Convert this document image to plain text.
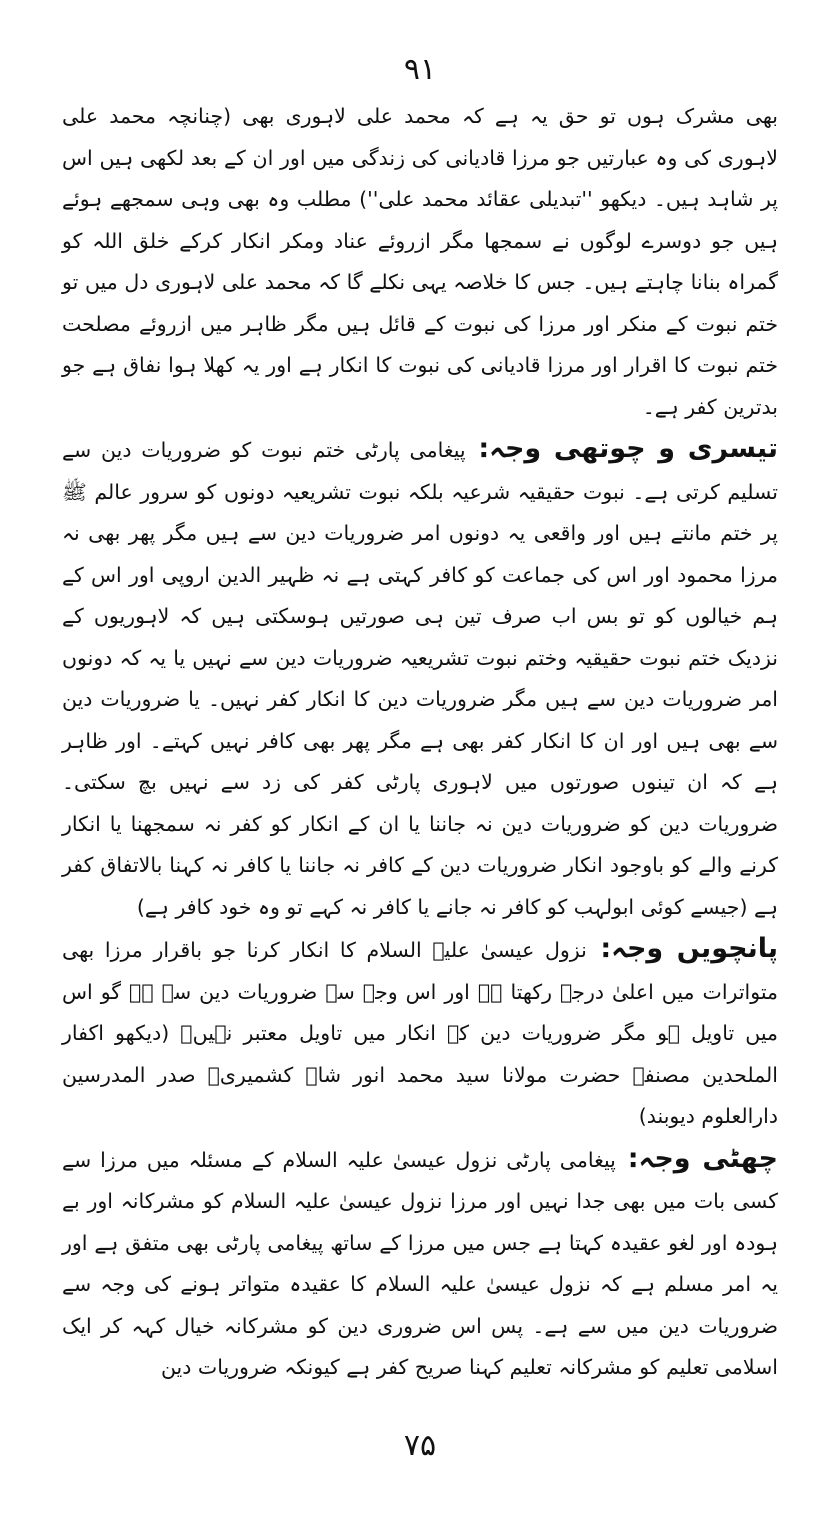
۹۱

بھی مشرک ہوں تو حق یہ ہے کہ محمد علی لاہوری بھی (چنانچہ محمد علی لاہوری کی وہ عبارتیں جو مرزا قادیانی کی زندگی میں اور ان کے بعد لکھی ہیں اس پر شاہد ہیں۔ دیکھو ''تبدیلی عقائد محمد علی'') مطلب وہ بھی وہی سمجھے ہوئے ہیں جو دوسرے لوگوں نے سمجھا مگر ازروئے عناد ومکر انکار کرکے خلق اللہ کو گمراہ بنانا چاہتے ہیں۔ جس کا خلاصہ یہی نکلے گا کہ محمد علی لاہوری دل میں تو ختم نبوت کے منکر اور مرزا کی نبوت کے قائل ہیں مگر ظاہر میں ازروئے مصلحت ختم نبوت کا اقرار اور مرزا قادیانی کی نبوت کا انکار ہے اور یہ کھلا ہوا نفاق ہے جو بدترین کفر ہے۔

تیسری و چوتھی وجہ: پیغامی پارٹی ختم نبوت کو ضروریات دین سے تسلیم کرتی ہے۔ نبوت حقیقیہ شرعیہ بلکہ نبوت تشریعیہ دونوں کو سرور عالم ﷺ پر ختم مانتے ہیں اور واقعی یہ دونوں امر ضروریات دین سے ہیں مگر پھر بھی نہ مرزا محمود اور اس کی جماعت کو کافر کہتی ہے نہ ظہیر الدین اروپی اور اس کے ہم خیالوں کو تو بس اب صرف تین ہی صورتیں ہوسکتی ہیں کہ لاہوریوں کے نزدیک ختم نبوت حقیقیہ وختم نبوت تشریعیہ ضروریات دین سے نہیں یا یہ کہ دونوں امر ضروریات دین سے ہیں مگر ضروریات دین کا انکار کفر نہیں۔ یا ضروریات دین سے بھی ہیں اور ان کا انکار کفر بھی ہے مگر پھر بھی کافر نہیں کہتے۔ اور ظاہر ہے کہ ان تینوں صورتوں میں لاہوری پارٹی کفر کی زد سے نہیں بچ سکتی۔ ضروریات دین کو ضروریات دین نہ جاننا یا ان کے انکار کو کفر نہ سمجھنا یا انکار کرنے والے کو باوجود انکار ضروریات دین کے کافر نہ جاننا یا کافر نہ کہنا بالاتفاق کفر ہے (جیسے کوئی ابولہب کو کافر نہ جانے یا کافر نہ کہے تو وہ خود کافر ہے)

پانچویں وجہ: نزول عیسیٰ علیہ السلام کا انکار کرنا جو باقرار مرزا بھی متواترات میں اعلیٰ درجہ رکھتا ہے اور اس وجہ سے ضروریات دین سے ہے گو اس میں تاویل ہو مگر ضروریات دین کے انکار میں تاویل معتبر نہیں۔ (دیکھو اکفار الملحدین مصنفہ حضرت مولانا سید محمد انور شاہ کشمیریؒ صدر المدرسین دارالعلوم دیوبند)

چھٹی وجہ: پیغامی پارٹی نزول عیسیٰ علیہ السلام کے مسئلہ میں مرزا سے کسی بات میں بھی جدا نہیں اور مرزا نزول عیسیٰ علیہ السلام کو مشرکانہ اور بے ہودہ اور لغو عقیدہ کہتا ہے جس میں مرزا کے ساتھ پیغامی پارٹی بھی متفق ہے اور یہ امر مسلم ہے کہ نزول عیسیٰ علیہ السلام کا عقیدہ متواتر ہونے کی وجہ سے ضروریات دین میں سے ہے۔ پس اس ضروری دین کو مشرکانہ خیال کہہ کر ایک اسلامی تعلیم کو مشرکانہ تعلیم کہنا صریح کفر ہے کیونکہ ضروریات دین

۷۵
